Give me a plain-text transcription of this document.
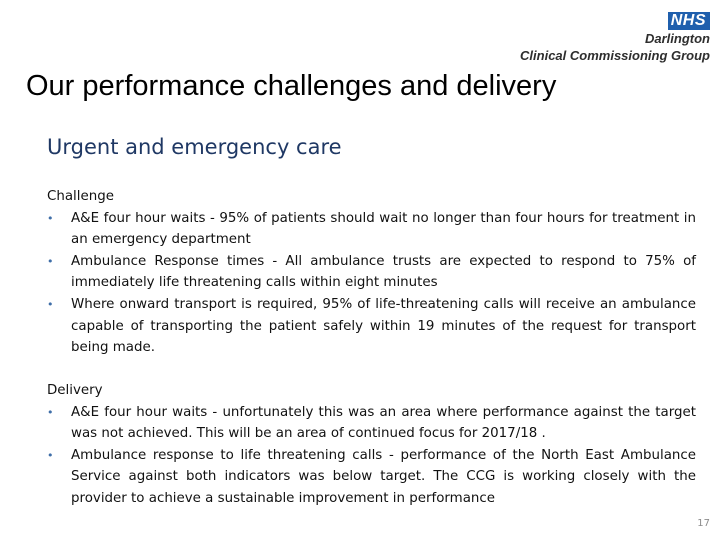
NHS
Darlington
Clinical Commissioning Group
Our performance challenges and delivery
Urgent and emergency care

Challenge

• A&E four hour waits - 95% of patients should wait no longer than four hours for treatment in an emergency department
• Ambulance Response times - All ambulance trusts are expected to respond to 75% of immediately life threatening calls within eight minutes
• Where onward transport is required, 95% of life-threatening calls will receive an ambulance capable of transporting the patient safely within 19 minutes of the request for transport being made.

Delivery

• A&E four hour waits - unfortunately this was an area where performance against the target was not achieved. This will be an area of continued focus for 2017/18 .
• Ambulance response to life threatening calls - performance of the North East Ambulance Service against both indicators was below target. The CCG is working closely with the provider to achieve a sustainable improvement in performance
17
